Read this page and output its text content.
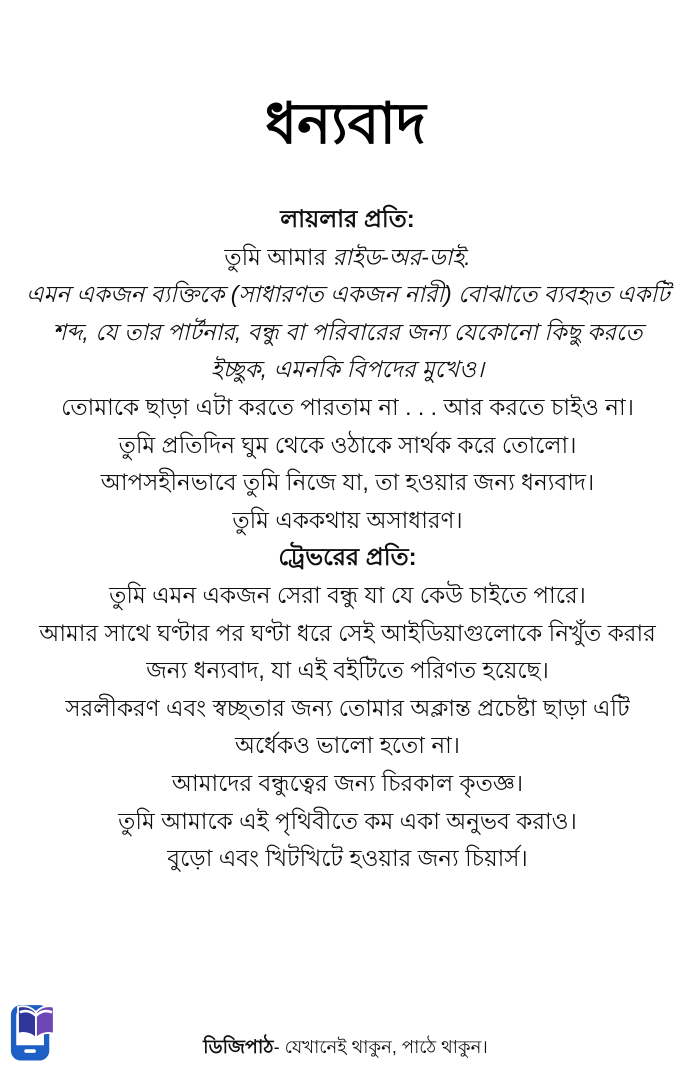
ধন্যবাদ
লায়লার প্রতি:
তুমি আমার রাইড-অর-ডাই.
এমন একজন ব্যক্তিকে (সাধারণত একজন নারী) বোঝাতে ব্যবহৃত একটি
শব্দ, যে তার পার্টনার, বন্ধু বা পরিবারের জন্য যেকোনো কিছু করতে
ইচ্ছুক, এমনকি বিপদের মুখেও।
তোমাকে ছাড়া এটা করতে পারতাম না . . . আর করতে চাইও না।
তুমি প্রতিদিন ঘুম থেকে ওঠাকে সার্থক করে তোলো।
আপসহীনভাবে তুমি নিজে যা, তা হওয়ার জন্য ধন্যবাদ।
তুমি এককথায় অসাধারণ।
ট্রেভরের প্রতি:
তুমি এমন একজন সেরা বন্ধু যা যে কেউ চাইতে পারে।
আমার সাথে ঘণ্টার পর ঘণ্টা ধরে সেই আইডিয়াগুলোকে নিখুঁত করার
জন্য ধন্যবাদ, যা এই বইটিতে পরিণত হয়েছে।
সরলীকরণ এবং স্বচ্ছতার জন্য তোমার অক্লান্ত প্রচেষ্টা ছাড়া এটি
অর্ধেকও ভালো হতো না।
আমাদের বন্ধুত্বের জন্য চিরকাল কৃতজ্ঞ।
তুমি আমাকে এই পৃথিবীতে কম একা অনুভব করাও।
বুড়ো এবং খিটখিটে হওয়ার জন্য চিয়ার্স।
ডিজিপাঠ- যেখানেই থাকুন, পাঠে থাকুন।
